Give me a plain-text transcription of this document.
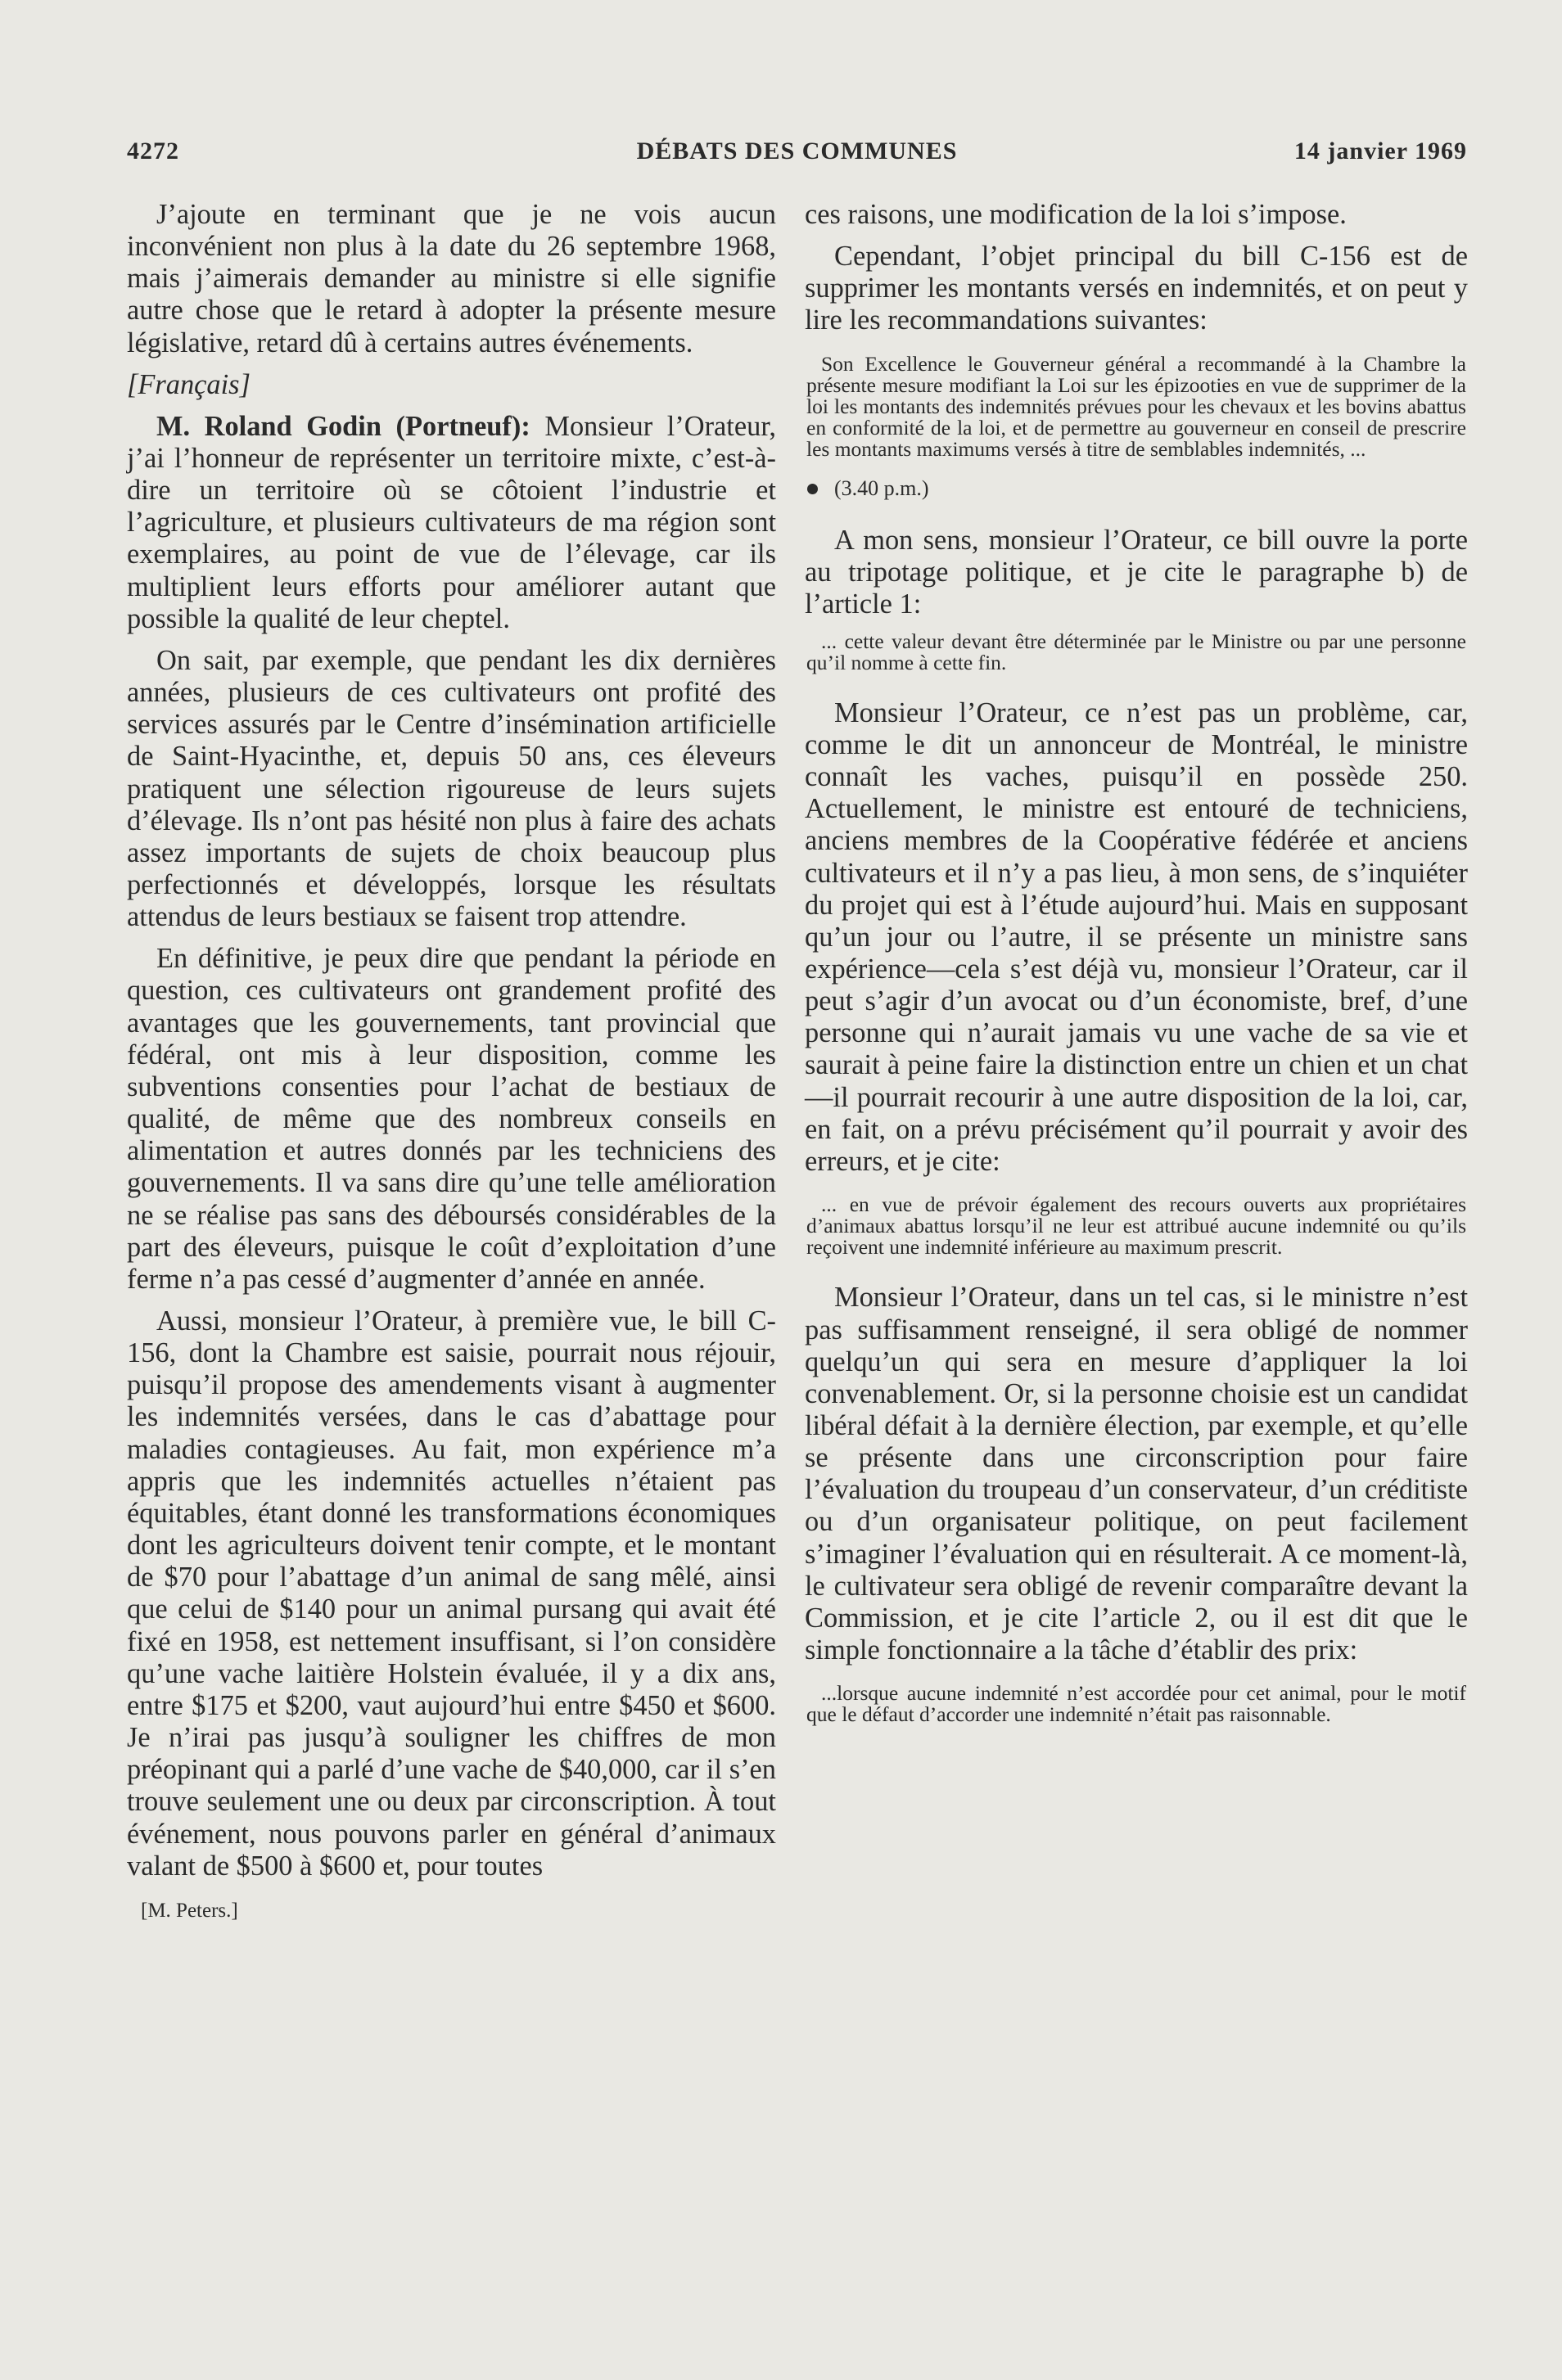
4272	DÉBATS DES COMMUNES	14 janvier 1969

J’ajoute en terminant que je ne vois aucun inconvénient non plus à la date du 26 septembre 1968, mais j’aimerais demander au ministre si elle signifie autre chose que le retard à adopter la présente mesure législative, retard dû à certains autres événements.

[Français]

M. Roland Godin (Portneuf): Monsieur l’Orateur, j’ai l’honneur de représenter un territoire mixte, c’est-à-dire un territoire où se côtoient l’industrie et l’agriculture, et plusieurs cultivateurs de ma région sont exemplaires, au point de vue de l’élevage, car ils multiplient leurs efforts pour améliorer autant que possible la qualité de leur cheptel.

On sait, par exemple, que pendant les dix dernières années, plusieurs de ces cultivateurs ont profité des services assurés par le Centre d’insémination artificielle de Saint-Hyacinthe, et, depuis 50 ans, ces éleveurs pratiquent une sélection rigoureuse de leurs sujets d’élevage. Ils n’ont pas hésité non plus à faire des achats assez importants de sujets de choix beaucoup plus perfectionnés et développés, lorsque les résultats attendus de leurs bestiaux se faisent trop attendre.

En définitive, je peux dire que pendant la période en question, ces cultivateurs ont grandement profité des avantages que les gouvernements, tant provincial que fédéral, ont mis à leur disposition, comme les subventions consenties pour l’achat de bestiaux de qualité, de même que des nombreux conseils en alimentation et autres donnés par les techniciens des gouvernements. Il va sans dire qu’une telle amélioration ne se réalise pas sans des déboursés considérables de la part des éleveurs, puisque le coût d’exploitation d’une ferme n’a pas cessé d’augmenter d’année en année.

Aussi, monsieur l’Orateur, à première vue, le bill C-156, dont la Chambre est saisie, pourrait nous réjouir, puisqu’il propose des amendements visant à augmenter les indemnités versées, dans le cas d’abattage pour maladies contagieuses. Au fait, mon expérience m’a appris que les indemnités actuelles n’étaient pas équitables, étant donné les transformations économiques dont les agriculteurs doivent tenir compte, et le montant de $70 pour l’abattage d’un animal de sang mêlé, ainsi que celui de $140 pour un animal pursang qui avait été fixé en 1958, est nettement insuffisant, si l’on considère qu’une vache laitière Holstein évaluée, il y a dix ans, entre $175 et $200, vaut aujourd’hui entre $450 et $600. Je n’irai pas jusqu’à souligner les chiffres de mon préopinant qui a parlé d’une vache de $40,000, car il s’en trouve seulement une ou deux par circonscription. À tout événement, nous pouvons parler en général d’animaux valant de $500 à $600 et, pour toutes

[M. Peters.]

ces raisons, une modification de la loi s’impose.

Cependant, l’objet principal du bill C-156 est de supprimer les montants versés en indemnités, et on peut y lire les recommandations suivantes:

Son Excellence le Gouverneur général a recommandé à la Chambre la présente mesure modifiant la Loi sur les épizooties en vue de supprimer de la loi les montants des indemnités prévues pour les chevaux et les bovins abattus en conformité de la loi, et de permettre au gouverneur en conseil de prescrire les montants maximums versés à titre de semblables indemnités, ...

(3.40 p.m.)

A mon sens, monsieur l’Orateur, ce bill ouvre la porte au tripotage politique, et je cite le paragraphe b) de l’article 1:

... cette valeur devant être déterminée par le Ministre ou par une personne qu’il nomme à cette fin.

Monsieur l’Orateur, ce n’est pas un problème, car, comme le dit un annonceur de Montréal, le ministre connaît les vaches, puisqu’il en possède 250. Actuellement, le ministre est entouré de techniciens, anciens membres de la Coopérative fédérée et anciens cultivateurs et il n’y a pas lieu, à mon sens, de s’inquiéter du projet qui est à l’étude aujourd’hui. Mais en supposant qu’un jour ou l’autre, il se présente un ministre sans expérience—cela s’est déjà vu, monsieur l’Orateur, car il peut s’agir d’un avocat ou d’un économiste, bref, d’une personne qui n’aurait jamais vu une vache de sa vie et saurait à peine faire la distinction entre un chien et un chat—il pourrait recourir à une autre disposition de la loi, car, en fait, on a prévu précisément qu’il pourrait y avoir des erreurs, et je cite:

... en vue de prévoir également des recours ouverts aux propriétaires d’animaux abattus lorsqu’il ne leur est attribué aucune indemnité ou qu’ils reçoivent une indemnité inférieure au maximum prescrit.

Monsieur l’Orateur, dans un tel cas, si le ministre n’est pas suffisamment renseigné, il sera obligé de nommer quelqu’un qui sera en mesure d’appliquer la loi convenablement. Or, si la personne choisie est un candidat libéral défait à la dernière élection, par exemple, et qu’elle se présente dans une circonscription pour faire l’évaluation du troupeau d’un conservateur, d’un créditiste ou d’un organisateur politique, on peut facilement s’imaginer l’évaluation qui en résulterait. A ce moment-là, le cultivateur sera obligé de revenir comparaître devant la Commission, et je cite l’article 2, ou il est dit que le simple fonctionnaire a la tâche d’établir des prix:

...lorsque aucune indemnité n’est accordée pour cet animal, pour le motif que le défaut d’accorder une indemnité n’était pas raisonnable.
